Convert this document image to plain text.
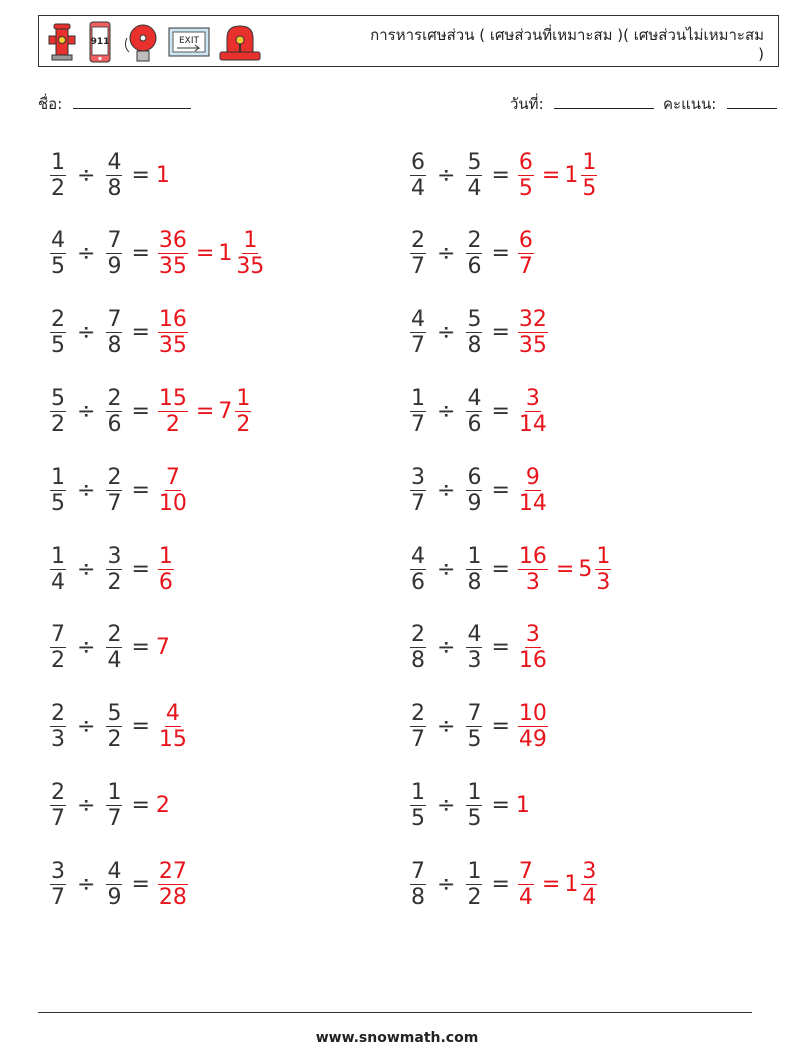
911	EXIT	การหารเศษส่วน ( เศษส่วนที่เหมาะสม )( เศษส่วนไม่เหมาะสม )
ชื่อ:	วันที่:	คะแนน:
$\frac{1}{2} \div \frac{4}{8} = 1$	$\frac{6}{4} \div \frac{5}{4} = \frac{6}{5} = 1 \frac{1}{5}$
$\frac{4}{5} \div \frac{7}{9} = \frac{36}{35} = 1 \frac{1}{35}$	$\frac{2}{7} \div \frac{2}{6} = \frac{6}{7}$
$\frac{2}{5} \div \frac{7}{8} = \frac{16}{35}$	$\frac{4}{7} \div \frac{5}{8} = \frac{32}{35}$
$\frac{5}{2} \div \frac{2}{6} = \frac{15}{2} = 7 \frac{1}{2}$	$\frac{1}{7} \div \frac{4}{6} = \frac{3}{14}$
$\frac{1}{5} \div \frac{2}{7} = \frac{7}{10}$	$\frac{3}{7} \div \frac{6}{9} = \frac{9}{14}$
$\frac{1}{4} \div \frac{3}{2} = \frac{1}{6}$	$\frac{4}{6} \div \frac{1}{8} = \frac{16}{3} = 5 \frac{1}{3}$
$\frac{7}{2} \div \frac{2}{4} = 7$	$\frac{2}{8} \div \frac{4}{3} = \frac{3}{16}$
$\frac{2}{3} \div \frac{5}{2} = \frac{4}{15}$	$\frac{2}{7} \div \frac{7}{5} = \frac{10}{49}$
$\frac{2}{7} \div \frac{1}{7} = 2$	$\frac{1}{5} \div \frac{1}{5} = 1$
$\frac{3}{7} \div \frac{4}{9} = \frac{27}{28}$	$\frac{7}{8} \div \frac{1}{2} = \frac{7}{4} = 1 \frac{3}{4}$
www.snowmath.com
